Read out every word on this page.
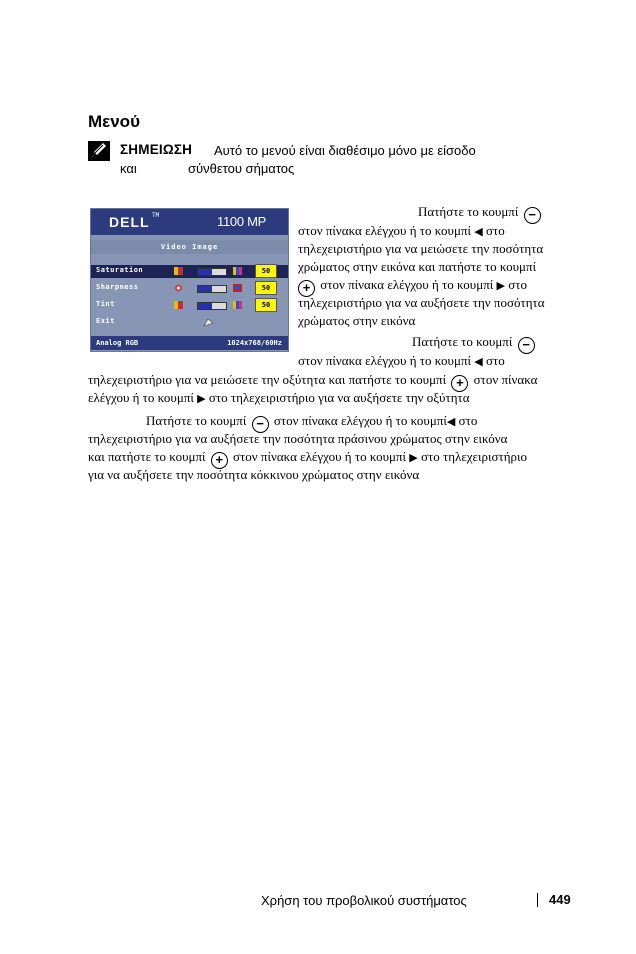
Μενού
ΣΗΜΕΙΩΣΗ Αυτό το μενού είναι διαθέσιμο μόνο με είσοδο
και	σύνθετου σήματος
DELL TM	1100 MP
Video Image
Saturation	50
Sharpness	50
Tint	50
Exit
Analog RGB	1024x768/60Hz
Πατήστε το κουμπί −
στον πίνακα ελέγχου ή το κουμπί ◀ στο
τηλεχειριστήριο για να μειώσετε την ποσότητα
χρώματος στην εικόνα και πατήστε το κουμπί
+ στον πίνακα ελέγχου ή το κουμπί ▶ στο
τηλεχειριστήριο για να αυξήσετε την ποσότητα
χρώματος στην εικόνα
Πατήστε το κουμπί −
στον πίνακα ελέγχου ή το κουμπί ◀ στο
τηλεχειριστήριο για να μειώσετε την οξύτητα και πατήστε το κουμπί + στον πίνακα
ελέγχου ή το κουμπί ▶ στο τηλεχειριστήριο για να αυξήσετε την οξύτητα
Πατήστε το κουμπί − στον πίνακα ελέγχου ή το κουμπί◀ στο
τηλεχειριστήριο για να αυξήσετε την ποσότητα πράσινου χρώματος στην εικόνα
και πατήστε το κουμπί + στον πίνακα ελέγχου ή το κουμπί ▶ στο τηλεχειριστήριο
για να αυξήσετε την ποσότητα κόκκινου χρώματος στην εικόνα
Χρήση του προβολικού συστήματος	449
